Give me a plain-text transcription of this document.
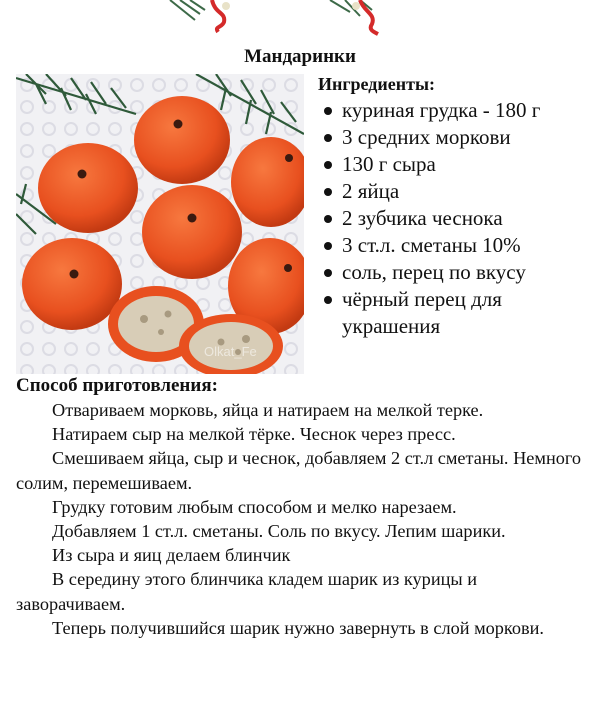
Мандаринки
Olkat_Fe
Ингредиенты:
куриная грудка - 180 г
3 средних моркови
130 г сыра
2 яйца
2 зубчика чеснока
3 ст.л. сметаны 10%
соль, перец по вкусу
чёрный перец для украшения
Способ приготовления:

Отвариваем морковь, яйца и натираем на мелкой терке.

Натираем сыр на мелкой тёрке. Чеснок через пресс.

Смешиваем яйца, сыр и чеснок, добавляем 2 ст.л сметаны. Немного солим, перемешиваем.

Грудку готовим любым способом и мелко нарезаем.

Добавляем 1 ст.л. сметаны. Соль по вкусу. Лепим шарики.

Из сыра и яиц делаем блинчик

В середину этого блинчика кладем шарик из курицы и заворачиваем.

Теперь получившийся шарик нужно завернуть в слой моркови.
